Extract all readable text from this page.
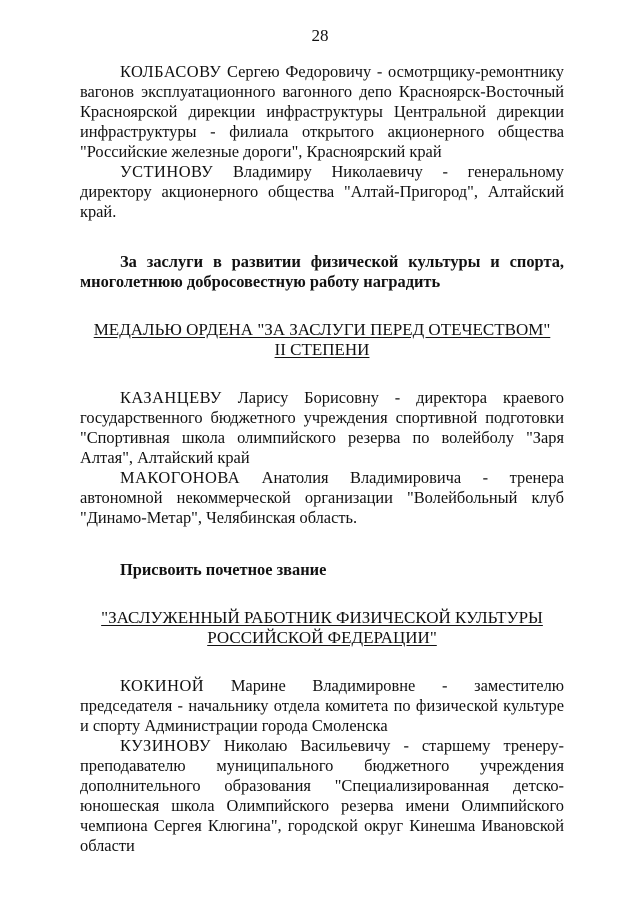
28

КОЛБАСОВУ Сергею Федоровичу - осмотрщику-ремонтнику вагонов эксплуатационного вагонного депо Красноярск-Восточный Красноярской дирекции инфраструктуры Центральной дирекции инфраструктуры - филиала открытого акционерного общества "Российские железные дороги", Красноярский край

УСТИНОВУ Владимиру Николаевичу - генеральному директору акционерного общества "Алтай-Пригород", Алтайский край.

За заслуги в развитии физической культуры и спорта, многолетнюю добросовестную работу наградить

МЕДАЛЬЮ ОРДЕНА "ЗА ЗАСЛУГИ ПЕРЕД ОТЕЧЕСТВОМ"

II СТЕПЕНИ

КАЗАНЦЕВУ Ларису Борисовну - директора краевого государственного бюджетного учреждения спортивной подготовки "Спортивная школа олимпийского резерва по волейболу "Заря Алтая", Алтайский край

МАКОГОНОВА Анатолия Владимировича - тренера автономной некоммерческой организации "Волейбольный клуб "Динамо-Метар", Челябинская область.

Присвоить почетное звание

"ЗАСЛУЖЕННЫЙ РАБОТНИК ФИЗИЧЕСКОЙ КУЛЬТУРЫ

РОССИЙСКОЙ ФЕДЕРАЦИИ"

КОКИНОЙ Марине Владимировне - заместителю председателя - начальнику отдела комитета по физической культуре и спорту Администрации города Смоленска

КУЗИНОВУ Николаю Васильевичу - старшему тренеру-преподавателю муниципального бюджетного учреждения дополнительного образования "Специализированная детско-юношеская школа Олимпийского резерва имени Олимпийского чемпиона Сергея Клюгина", городской округ Кинешма Ивановской области
